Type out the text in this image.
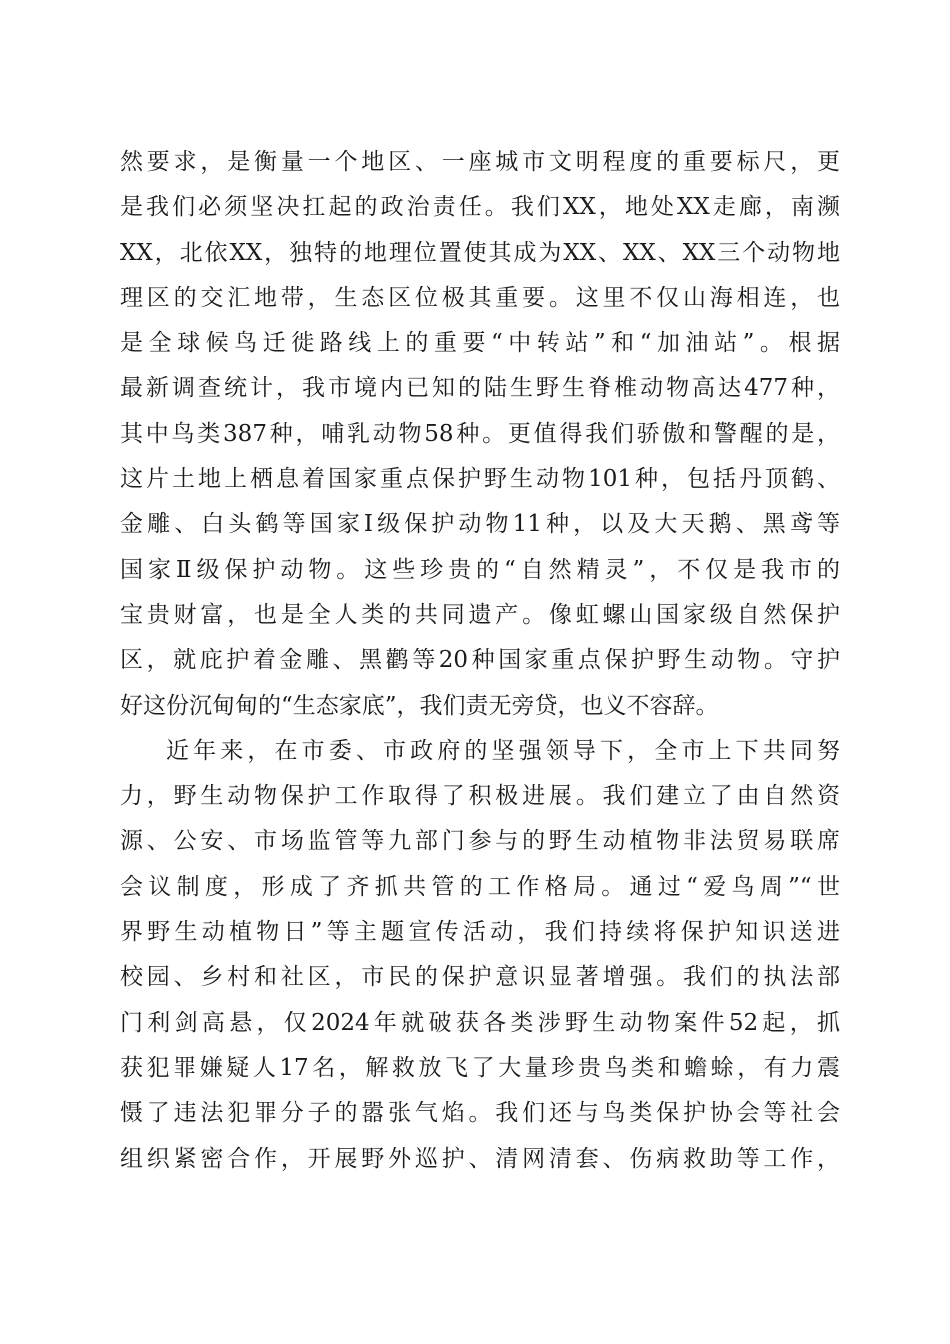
然要求，是衡量一个地区、一座城市文明程度的重要标尺，更
是我们必须坚决扛起的政治责任。我们XX，地处XX走廊，南濒
XX，北依XX，独特的地理位置使其成为XX、XX、XX三个动物地
理区的交汇地带，生态区位极其重要。这里不仅山海相连，也
是全球候鸟迁徙路线上的重要“中转站”和“加油站”。根据
最新调查统计，我市境内已知的陆生野生脊椎动物高达477种，
其中鸟类387种，哺乳动物58种。更值得我们骄傲和警醒的是，
这片土地上栖息着国家重点保护野生动物101种，包括丹顶鹤、
金雕、白头鹤等国家Ⅰ级保护动物11种，以及大天鹅、黑鸢等
国家Ⅱ级保护动物。这些珍贵的“自然精灵”，不仅是我市的
宝贵财富，也是全人类的共同遗产。像虹螺山国家级自然保护
区，就庇护着金雕、黑鹳等20种国家重点保护野生动物。守护
好这份沉甸甸的“生态家底”，我们责无旁贷，也义不容辞。
近年来，在市委、市政府的坚强领导下，全市上下共同努
力，野生动物保护工作取得了积极进展。我们建立了由自然资
源、公安、市场监管等九部门参与的野生动植物非法贸易联席
会议制度，形成了齐抓共管的工作格局。通过“爱鸟周”“世
界野生动植物日”等主题宣传活动，我们持续将保护知识送进
校园、乡村和社区，市民的保护意识显著增强。我们的执法部
门利剑高悬，仅2024年就破获各类涉野生动物案件52起，抓
获犯罪嫌疑人17名，解救放飞了大量珍贵鸟类和蟾蜍，有力震
慑了违法犯罪分子的嚣张气焰。我们还与鸟类保护协会等社会
组织紧密合作，开展野外巡护、清网清套、伤病救助等工作，
